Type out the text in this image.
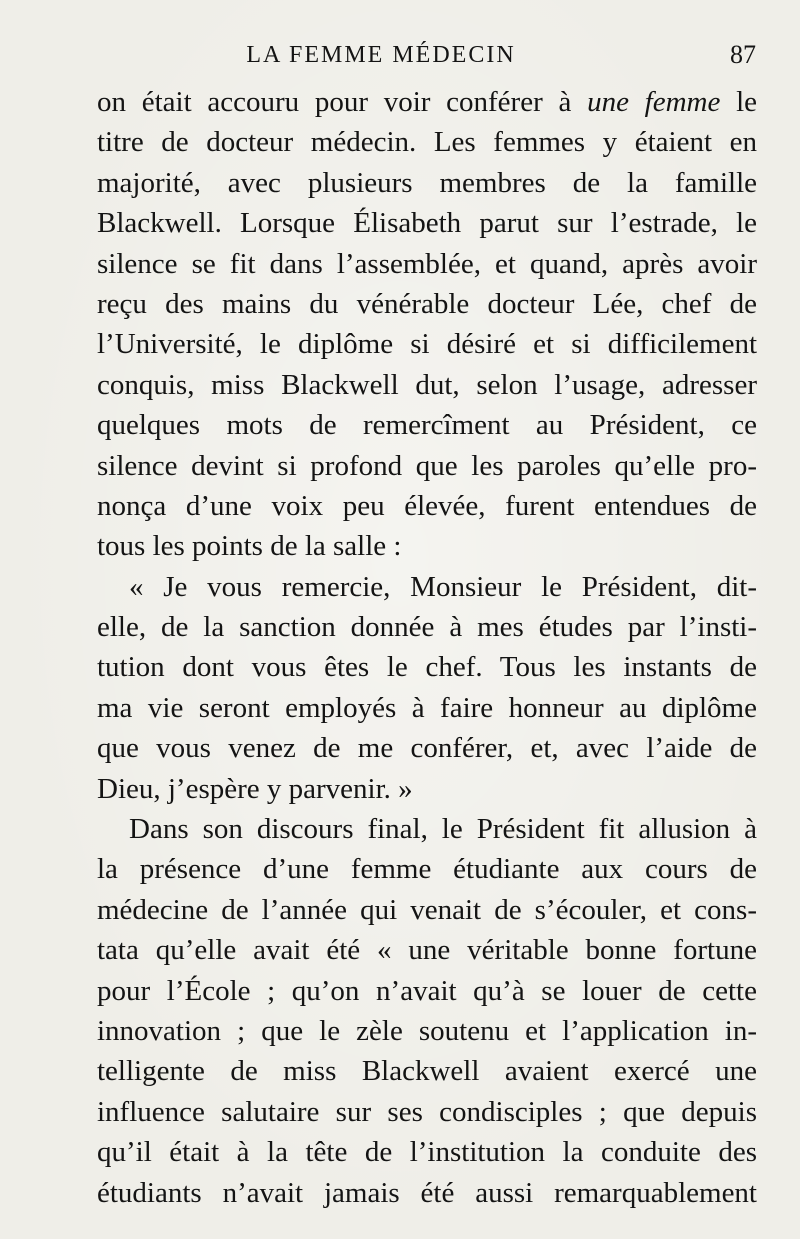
LA FEMME MÉDECIN	87
on était accouru pour voir conférer à une femme le
titre de docteur médecin. Les femmes y étaient en
majorité, avec plusieurs membres de la famille
Blackwell. Lorsque Élisabeth parut sur l’estrade, le
silence se fit dans l’assemblée, et quand, après avoir
reçu des mains du vénérable docteur Lée, chef de
l’Université, le diplôme si désiré et si difficilement
conquis, miss Blackwell dut, selon l’usage, adresser
quelques mots de remercîment au Président, ce
silence devint si profond que les paroles qu’elle pro-
nonça d’une voix peu élevée, furent entendues de
tous les points de la salle :
« Je vous remercie, Monsieur le Président, dit-
elle, de la sanction donnée à mes études par l’insti-
tution dont vous êtes le chef. Tous les instants de
ma vie seront employés à faire honneur au diplôme
que vous venez de me conférer, et, avec l’aide de
Dieu, j’espère y parvenir. »
Dans son discours final, le Président fit allusion à
la présence d’une femme étudiante aux cours de
médecine de l’année qui venait de s’écouler, et cons-
tata qu’elle avait été « une véritable bonne fortune
pour l’École ; qu’on n’avait qu’à se louer de cette
innovation ; que le zèle soutenu et l’application in-
telligente de miss Blackwell avaient exercé une
influence salutaire sur ses condisciples ; que depuis
qu’il était à la tête de l’institution la conduite des
étudiants n’avait jamais été aussi remarquablement
